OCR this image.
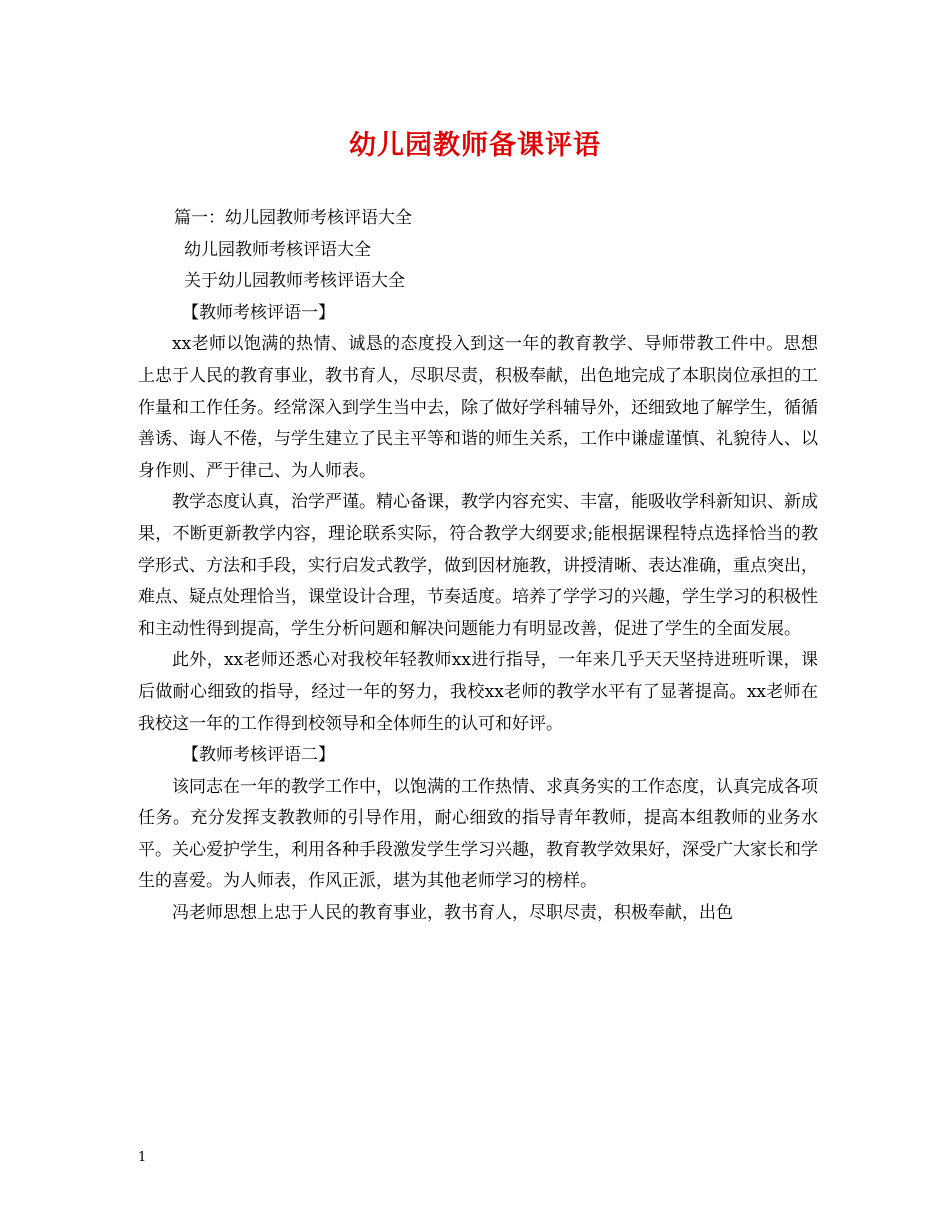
幼儿园教师备课评语
篇一：幼儿园教师考核评语大全
幼儿园教师考核评语大全
关于幼儿园教师考核评语大全
【教师考核评语一】

xx老师以饱满的热情、诚恳的态度投入到这一年的教育教学、导师带教工件中。思想上忠于人民的教育事业，教书育人，尽职尽责，积极奉献，出色地完成了本职岗位承担的工作量和工作任务。经常深入到学生当中去，除了做好学科辅导外，还细致地了解学生，循循善诱、诲人不倦，与学生建立了民主平等和谐的师生关系，工作中谦虚谨慎、礼貌待人、以身作则、严于律己、为人师表。

教学态度认真，治学严谨。精心备课，教学内容充实、丰富，能吸收学科新知识、新成果，不断更新教学内容，理论联系实际，符合教学大纲要求;能根据课程特点选择恰当的教学形式、方法和手段，实行启发式教学，做到因材施教，讲授清晰、表达准确，重点突出，难点、疑点处理恰当，课堂设计合理，节奏适度。培养了学学习的兴趣，学生学习的积极性和主动性得到提高，学生分析问题和解决问题能力有明显改善，促进了学生的全面发展。

此外，xx老师还悉心对我校年轻教师xx进行指导，一年来几乎天天坚持进班听课，课后做耐心细致的指导，经过一年的努力，我校xx老师的教学水平有了显著提高。xx老师在我校这一年的工作得到校领导和全体师生的认可和好评。

【教师考核评语二】

该同志在一年的教学工作中，以饱满的工作热情、求真务实的工作态度，认真完成各项任务。充分发挥支教教师的引导作用，耐心细致的指导青年教师，提高本组教师的业务水平。关心爱护学生，利用各种手段激发学生学习兴趣，教育教学效果好，深受广大家长和学生的喜爱。为人师表，作风正派，堪为其他老师学习的榜样。

冯老师思想上忠于人民的教育事业，教书育人，尽职尽责，积极奉献，出色

1
